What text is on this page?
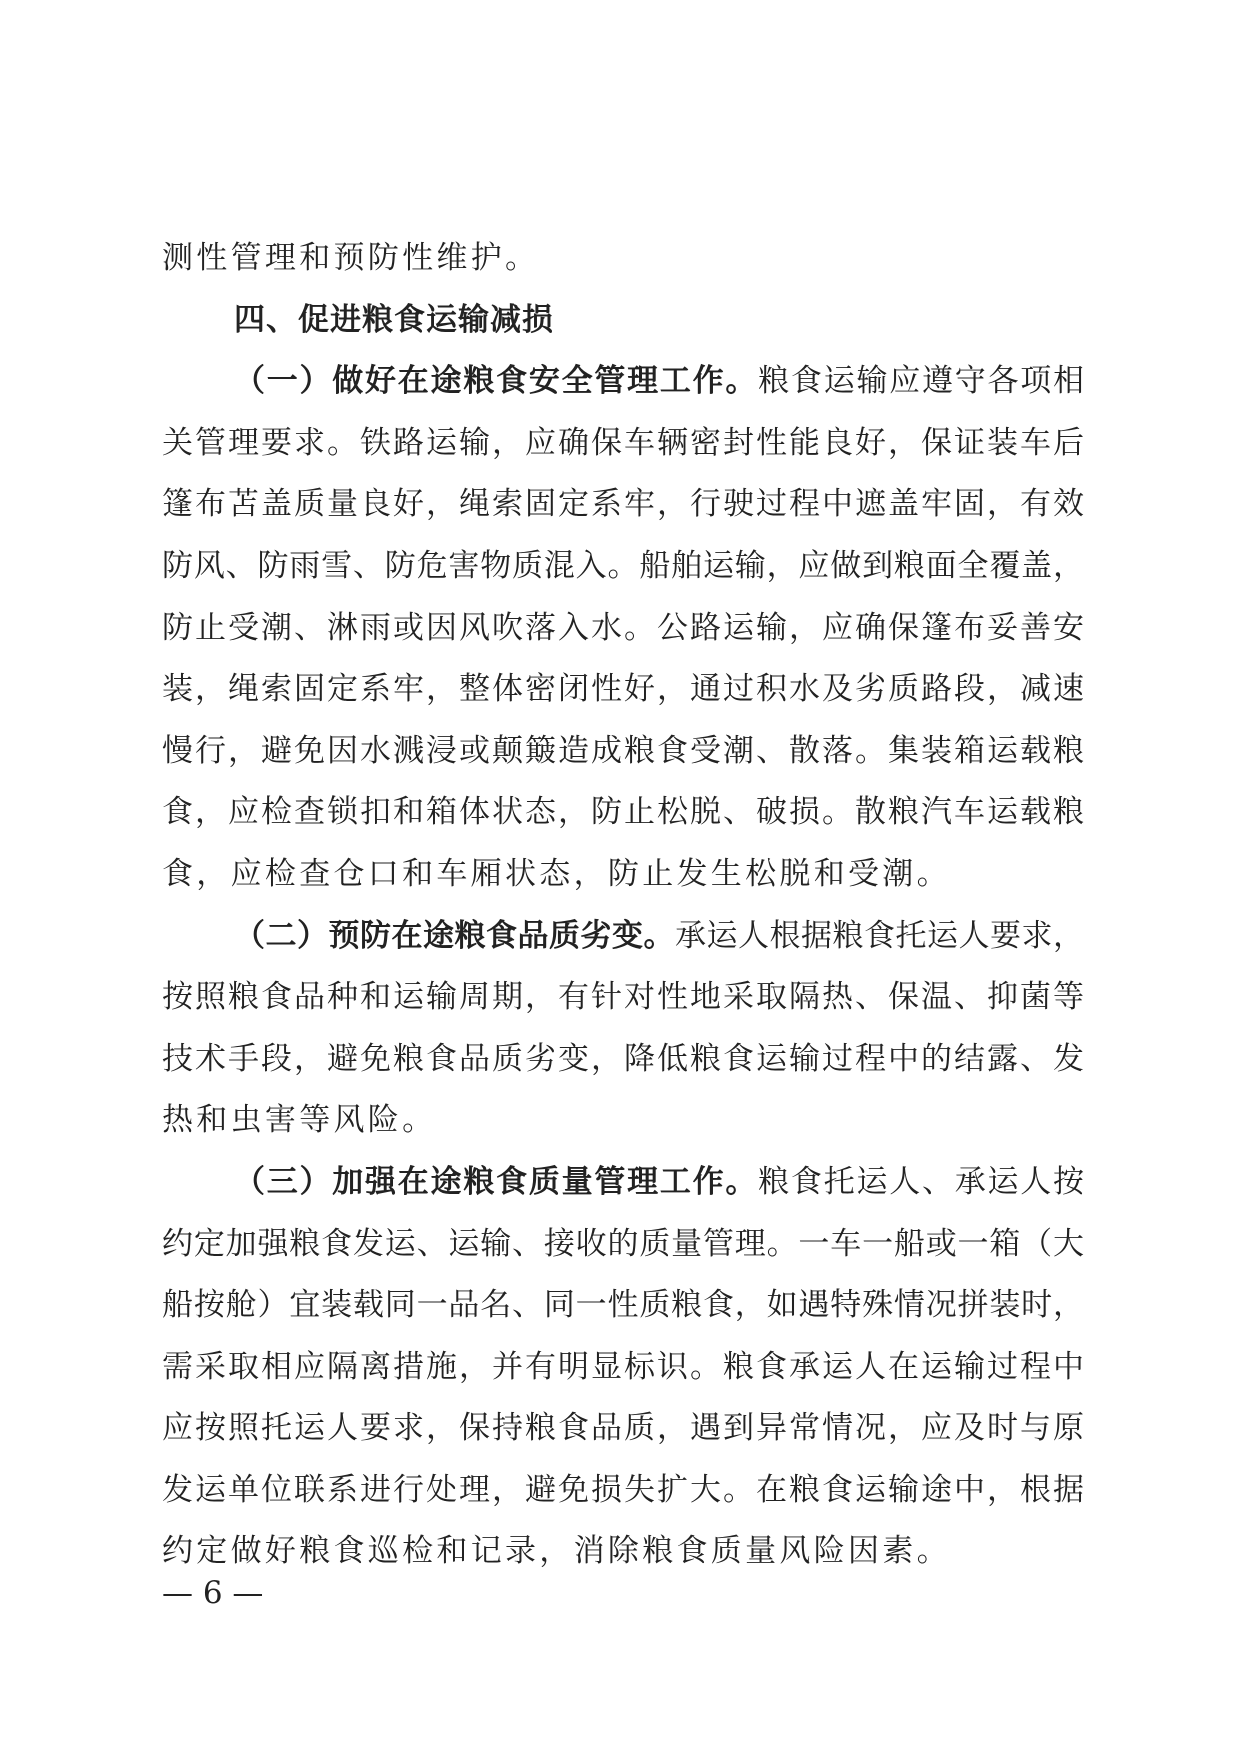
测性管理和预防性维护。
四、促进粮食运输减损
（一）做好在途粮食安全管理工作。粮食运输应遵守各项相
关管理要求。铁路运输，应确保车辆密封性能良好，保证装车后
篷布苫盖质量良好，绳索固定系牢，行驶过程中遮盖牢固，有效
防风、防雨雪、防危害物质混入。船舶运输，应做到粮面全覆盖，
防止受潮、淋雨或因风吹落入水。公路运输，应确保篷布妥善安
装，绳索固定系牢，整体密闭性好，通过积水及劣质路段，减速
慢行，避免因水溅浸或颠簸造成粮食受潮、散落。集装箱运载粮
食，应检查锁扣和箱体状态，防止松脱、破损。散粮汽车运载粮
食，应检查仓口和车厢状态，防止发生松脱和受潮。
（二）预防在途粮食品质劣变。承运人根据粮食托运人要求，
按照粮食品种和运输周期，有针对性地采取隔热、保温、抑菌等
技术手段，避免粮食品质劣变，降低粮食运输过程中的结露、发
热和虫害等风险。
（三）加强在途粮食质量管理工作。粮食托运人、承运人按
约定加强粮食发运、运输、接收的质量管理。一车一船或一箱（大
船按舱）宜装载同一品名、同一性质粮食，如遇特殊情况拼装时，
需采取相应隔离措施，并有明显标识。粮食承运人在运输过程中
应按照托运人要求，保持粮食品质，遇到异常情况，应及时与原
发运单位联系进行处理，避免损失扩大。在粮食运输途中，根据
约定做好粮食巡检和记录，消除粮食质量风险因素。
— 6 —
